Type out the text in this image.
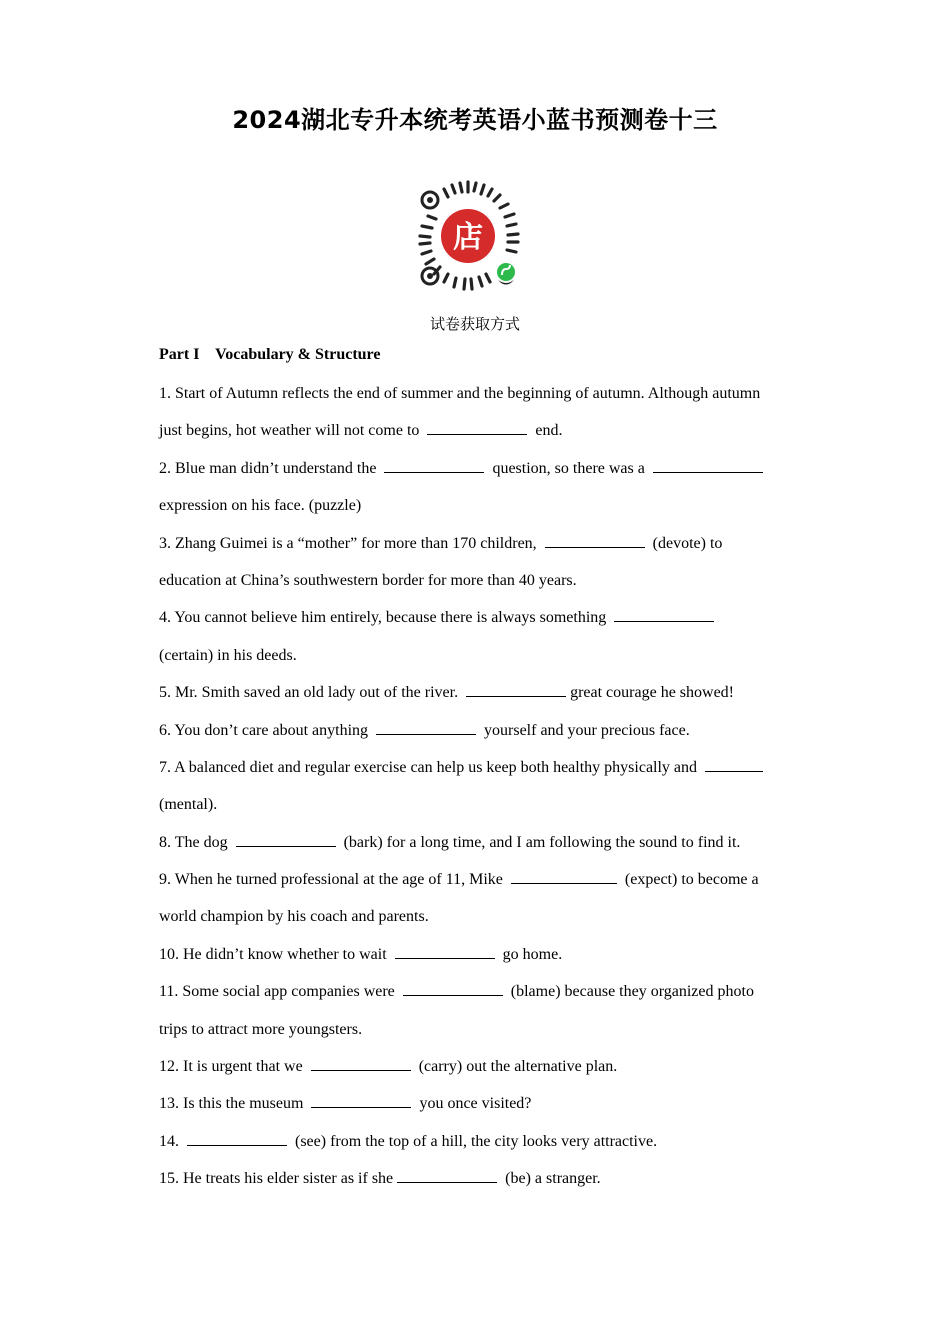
2024湖北专升本统考英语小蓝书预测卷十三
店
试卷获取方式
Part I    Vocabulary & Structure
1. Start of Autumn reflects the end of summer and the beginning of autumn. Although autumn
just begins, hot weather will not come to	end.
2. Blue man didn’t understand the	question, so there was a
expression on his face. (puzzle)
3. Zhang Guimei is a “mother” for more than 170 children,	(devote) to
education at China’s southwestern border for more than 40 years.
4. You cannot believe him entirely, because there is always something
(certain) in his deeds.
5. Mr. Smith saved an old lady out of the river.	great courage he showed!
6. You don’t care about anything	yourself and your precious face.
7. A balanced diet and regular exercise can help us keep both healthy physically and
(mental).
8. The dog	(bark) for a long time, and I am following the sound to find it.
9. When he turned professional at the age of 11, Mike	(expect) to become a
world champion by his coach and parents.
10. He didn’t know whether to wait	go home.
11. Some social app companies were	(blame) because they organized photo
trips to attract more youngsters.
12. It is urgent that we	(carry) out the alternative plan.
13. Is this the museum	you once visited?
14.	(see) from the top of a hill, the city looks very attractive.
15. He treats his elder sister as if she	(be) a stranger.
